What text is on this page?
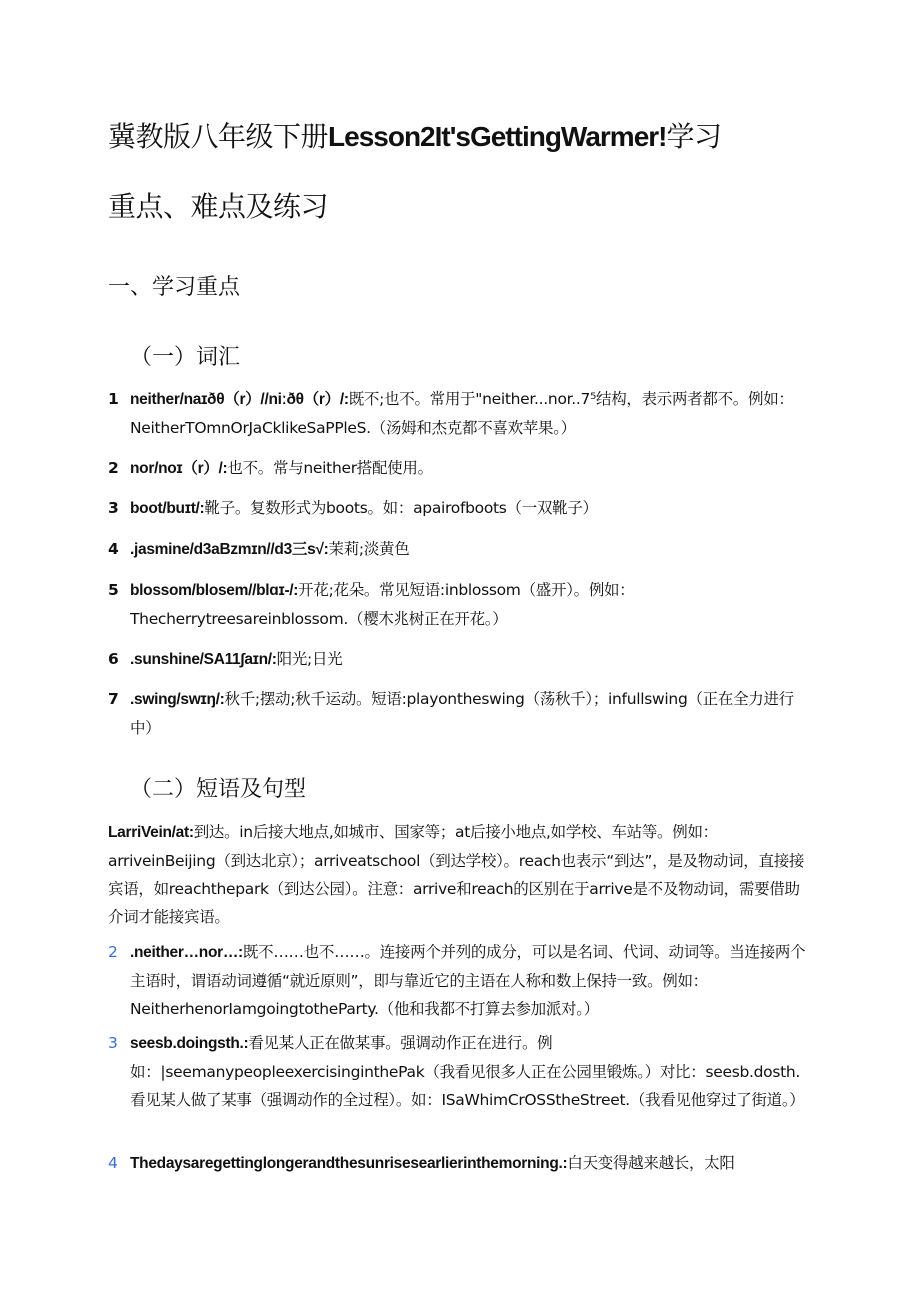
冀教版八年级下册Lesson2It'sGettingWarmer!学习
重点、难点及练习
一、学习重点
（一）词汇
1 neither/naɪðθ（r）//niːðθ（r）/:既不;也不。常用于"neither...nor..7⁵结构，表示两者都不。例如：NeitherTOmnOrJaCklikeSaPPleS.（汤姆和杰克都不喜欢苹果。）
2 nor/noɪ（r）/:也不。常与neither搭配使用。
3 boot/buɪt/:靴子。复数形式为boots。如：apairofboots（一双靴子）
4 .jasmine/d3aBzmɪn//d3三s√:茉莉;淡黄色
5 blossom/blosem//blɑɪ-/:开花;花朵。常见短语:inblossom（盛开）。例如：Thecherrytreesareinblossom.（樱木兆树正在开花。）
6 .sunshine/SA11∫aɪn/:阳光;日光
7 .swing/swɪŋ/:秋千;摆动;秋千运动。短语:playontheswing（荡秋千）；infullswing（正在全力进行中）
（二）短语及句型
LarriVein/at:到达。in后接大地点,如城市、国家等；at后接小地点,如学校、车站等。例如：arriveinBeijing（到达北京）；arriveatschool（到达学校）。reach也表示“到达”，是及物动词，直接接宾语，如reachthepark（到达公园）。注意：arrive和reach的区别在于arrive是不及物动词，需要借助介词才能接宾语。
2 .neither…nor…:既不……也不……。连接两个并列的成分，可以是名词、代词、动词等。当连接两个主语时，谓语动词遵循“就近原则”，即与靠近它的主语在人称和数上保持一致。例如：NeitherhenorIamgoingtotheParty.（他和我都不打算去参加派对。）
3 seesb.doingsth.:看见某人正在做某事。强调动作正在进行。例如：|seemanypeopleexercisinginthePak（我看见很多人正在公园里锻炼。）对比：seesb.dosth.看见某人做了某事（强调动作的全过程）。如：ISaWhimCrOSStheStreet.（我看见他穿过了街道。）
4 Thedaysaregettinglongerandthesunrisesearlierinthemorning.:白天变得越来越长，太阳
